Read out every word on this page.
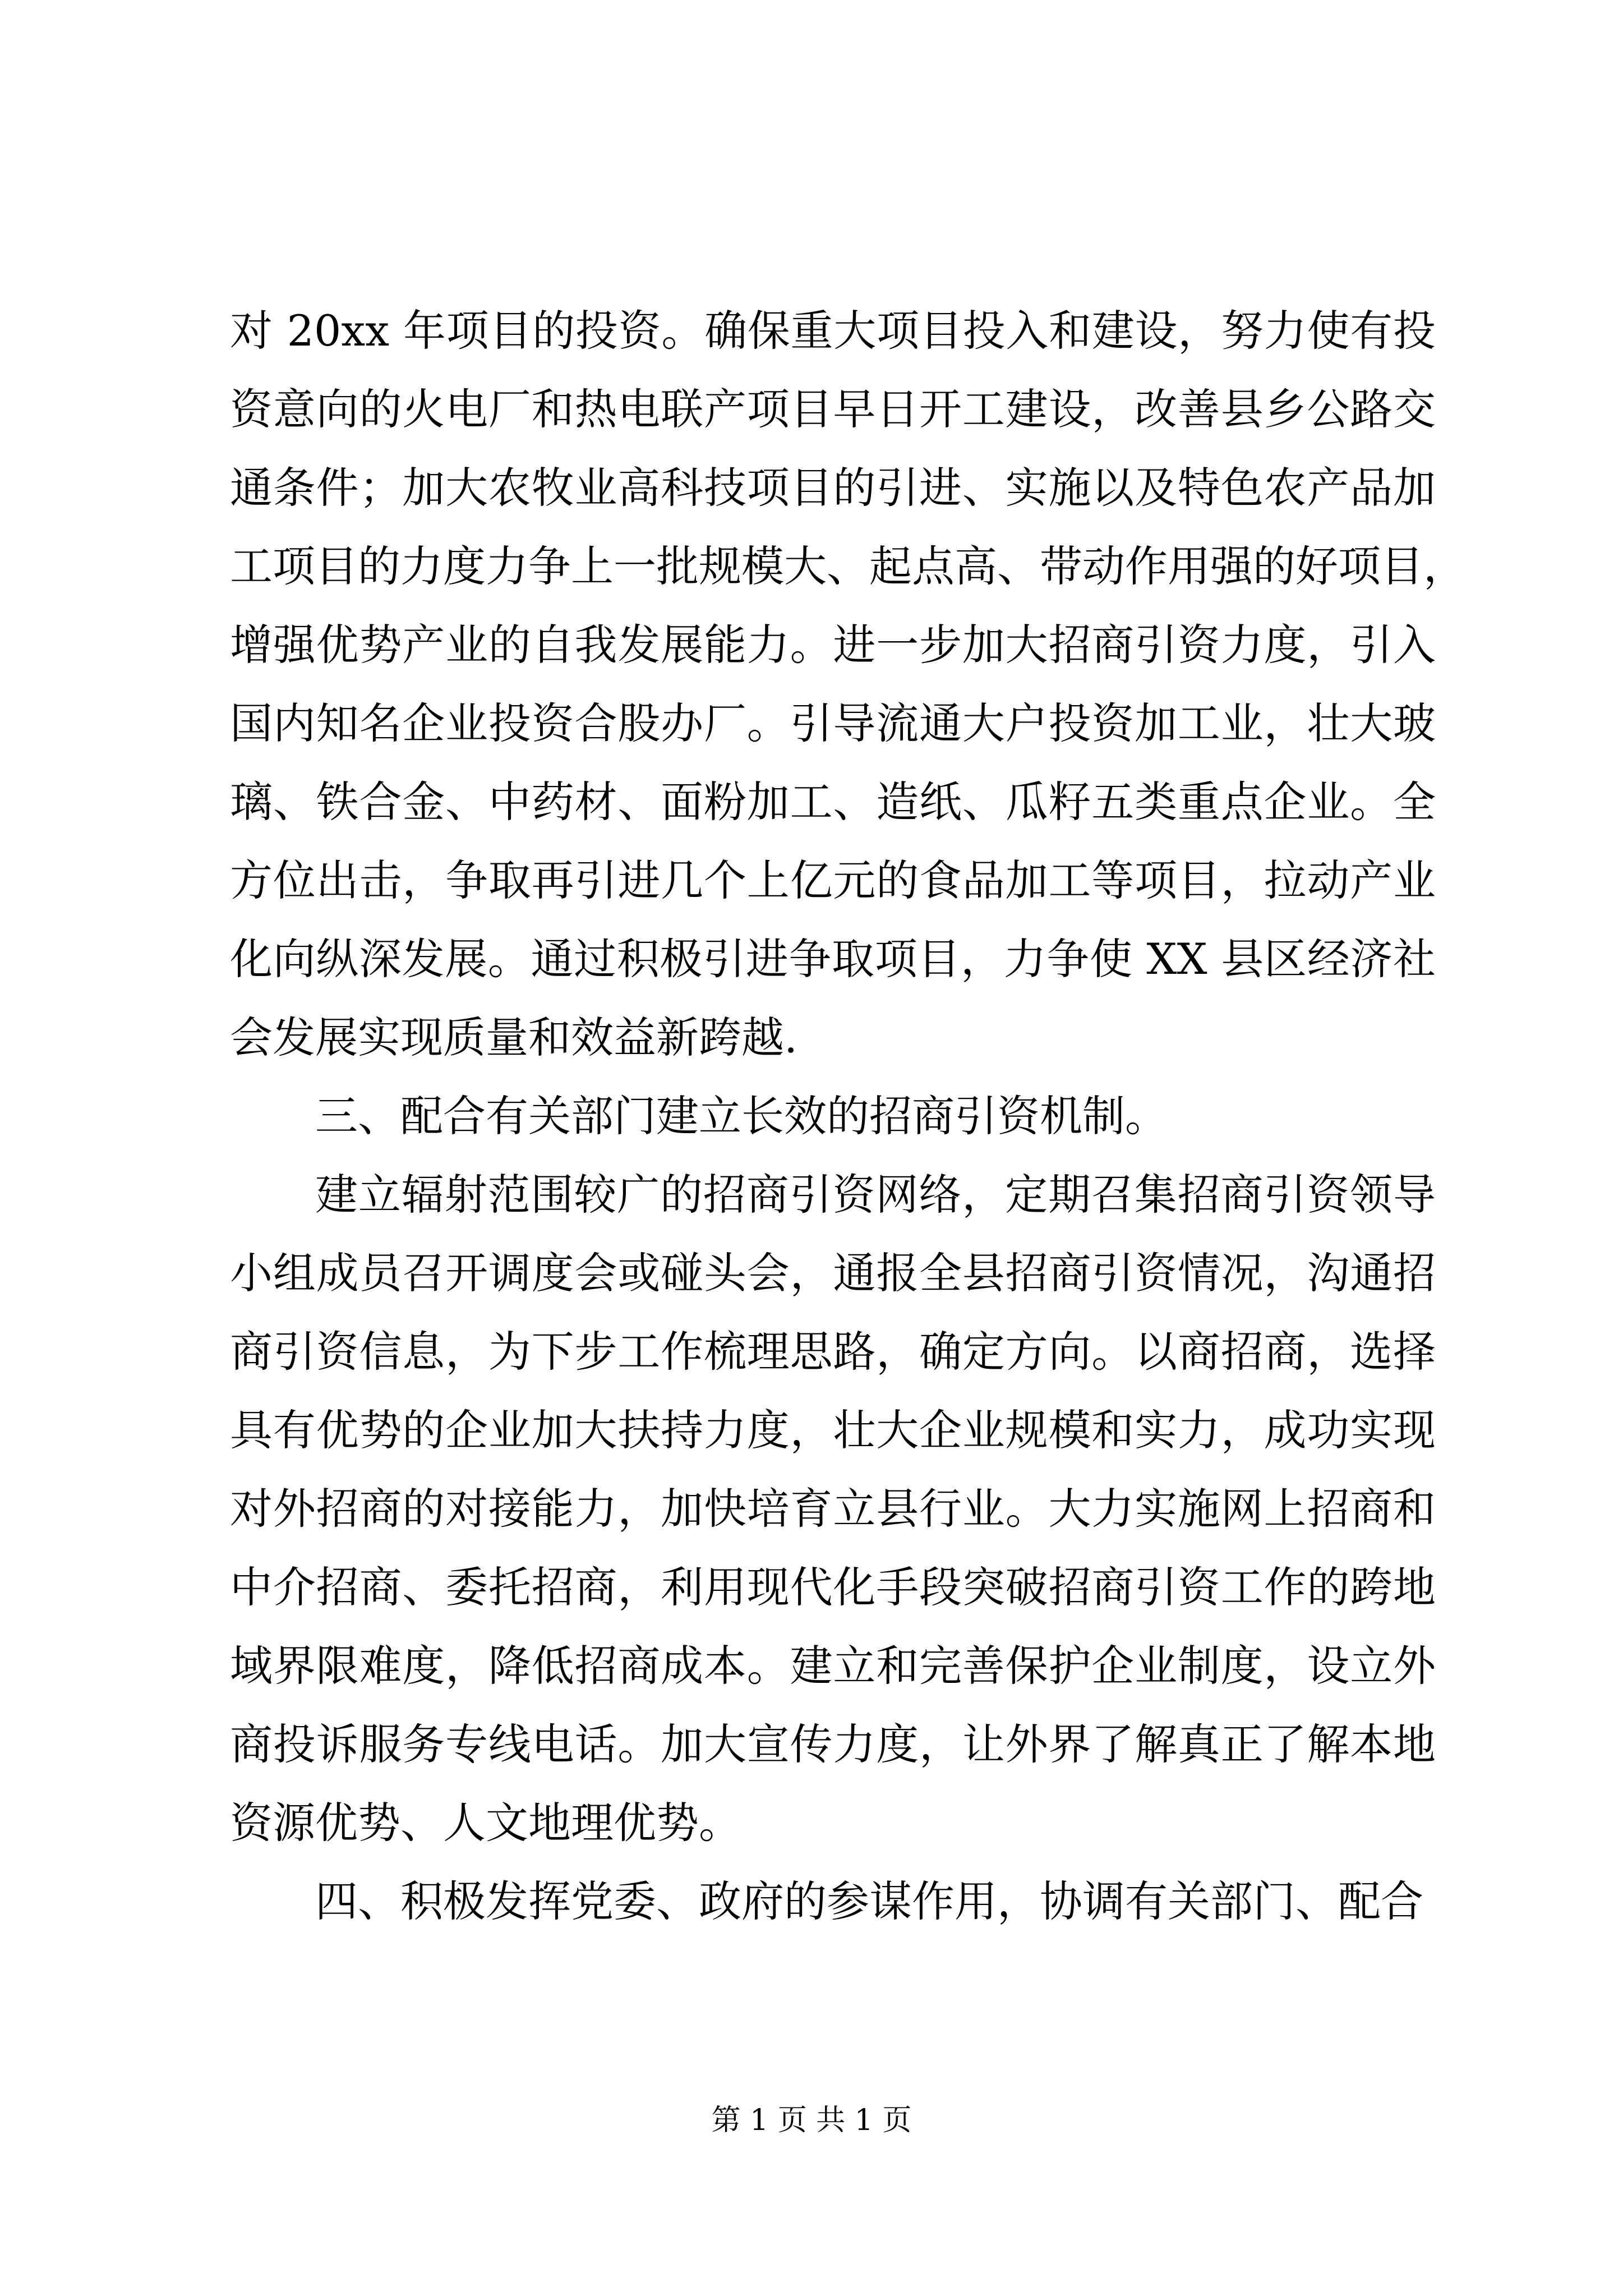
对 20xx 年项目的投资。确保重大项目投入和建设，努力使有投
资意向的火电厂和热电联产项目早日开工建设，改善县乡公路交
通条件；加大农牧业高科技项目的引进、实施以及特色农产品加
工项目的力度力争上一批规模大、起点高、带动作用强的好项目，
增强优势产业的自我发展能力。进一步加大招商引资力度，引入
国内知名企业投资合股办厂。引导流通大户投资加工业，壮大玻
璃、铁合金、中药材、面粉加工、造纸、瓜籽五类重点企业。全
方位出击，争取再引进几个上亿元的食品加工等项目，拉动产业
化向纵深发展。通过积极引进争取项目，力争使 XX 县区经济社
会发展实现质量和效益新跨越.
三、配合有关部门建立长效的招商引资机制。
建立辐射范围较广的招商引资网络，定期召集招商引资领导
小组成员召开调度会或碰头会，通报全县招商引资情况，沟通招
商引资信息，为下步工作梳理思路，确定方向。以商招商，选择
具有优势的企业加大扶持力度，壮大企业规模和实力，成功实现
对外招商的对接能力，加快培育立县行业。大力实施网上招商和
中介招商、委托招商，利用现代化手段突破招商引资工作的跨地
域界限难度，降低招商成本。建立和完善保护企业制度，设立外
商投诉服务专线电话。加大宣传力度，让外界了解真正了解本地
资源优势、人文地理优势。
四、积极发挥党委、政府的参谋作用，协调有关部门、配合
第 1 页 共 1 页
